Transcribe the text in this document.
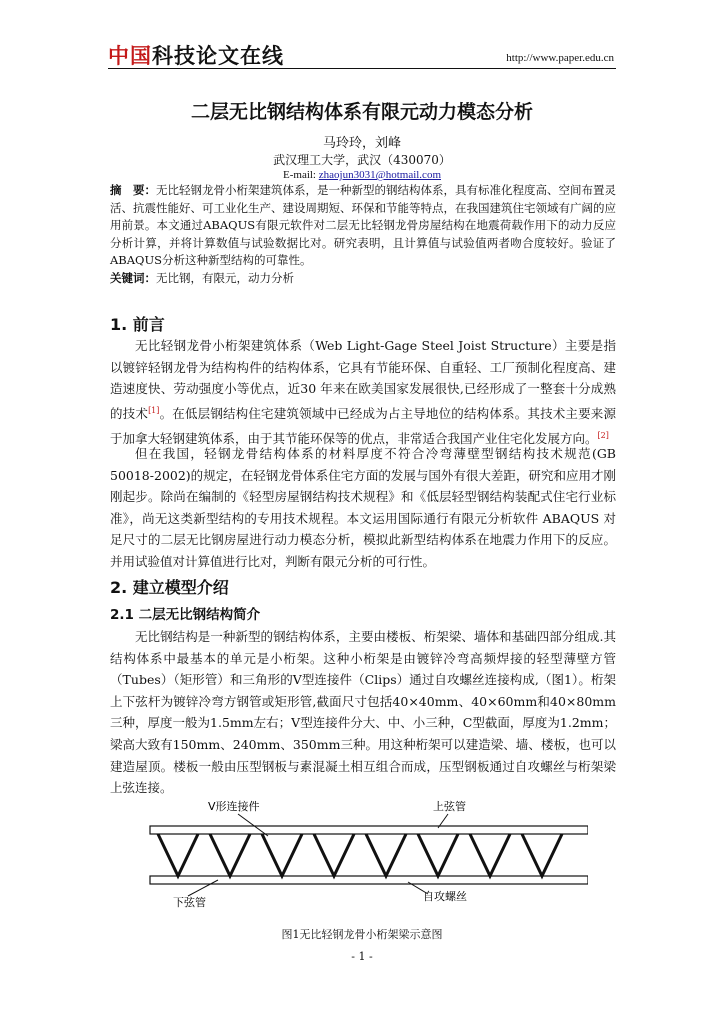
中国科技论文在线	http://www.paper.edu.cn
二层无比钢结构体系有限元动力模态分析
马玲玲，刘峰
武汉理工大学，武汉（430070）
E-mail: zhaojun3031@hotmail.com
摘　要：无比轻钢龙骨小桁架建筑体系，是一种新型的钢结构体系，具有标准化程度高、空间布置灵活、抗震性能好、可工业化生产、建设周期短、环保和节能等特点，在我国建筑住宅领域有广阔的应用前景。本文通过ABAQUS有限元软件对二层无比轻钢龙骨房屋结构在地震荷载作用下的动力反应分析计算，并将计算数值与试验数据比对。研究表明，且计算值与试验值两者吻合度较好。验证了ABAQUS分析这种新型结构的可靠性。
关键词：无比钢，有限元，动力分析
1. 前言
无比轻钢龙骨小桁架建筑体系（Web Light-Gage Steel Joist Structure）主要是指以镀锌轻钢龙骨为结构构件的结构体系，它具有节能环保、自重轻、工厂预制化程度高、建造速度快、劳动强度小等优点，近30 年来在欧美国家发展很快,已经形成了一整套十分成熟的技术[1]。在低层钢结构住宅建筑领域中已经成为占主导地位的结构体系。其技术主要来源于加拿大轻钢建筑体系，由于其节能环保等的优点，非常适合我国产业住宅化发展方向。[2]
但在我国，轻钢龙骨结构体系的材料厚度不符合冷弯薄壁型钢结构技术规范(GB 50018-2002)的规定，在轻钢龙骨体系住宅方面的发展与国外有很大差距，研究和应用才刚刚起步。除尚在编制的《轻型房屋钢结构技术规程》和《低层轻型钢结构装配式住宅行业标准》，尚无这类新型结构的专用技术规程。本文运用国际通行有限元分析软件 ABAQUS 对足尺寸的二层无比钢房屋进行动力模态分析，模拟此新型结构体系在地震力作用下的反应。并用试验值对计算值进行比对，判断有限元分析的可行性。
2. 建立模型介绍
2.1 二层无比钢结构简介
无比钢结构是一种新型的钢结构体系，主要由楼板、桁架梁、墙体和基础四部分组成.其结构体系中最基本的单元是小桁架。这种小桁架是由镀锌冷弯高频焊接的轻型薄壁方管（Tubes）（矩形管）和三角形的V型连接件（Clips）通过自攻螺丝连接构成,（图1）。桁架上下弦杆为镀锌冷弯方钢管或矩形管,截面尺寸包括40×40mm、40×60mm和40×80mm三种，厚度一般为1.5mm左右；V型连接件分大、中、小三种，C型截面，厚度为1.2mm；梁高大致有150mm、240mm、350mm三种。用这种桁架可以建造梁、墙、楼板，也可以建造屋顶。楼板一般由压型钢板与素混凝土相互组合而成，压型钢板通过自攻螺丝与桁架梁上弦连接。
V形连接件	上弦管
下弦管	自攻螺丝
图1无比轻钢龙骨小桁架梁示意图
- 1 -
